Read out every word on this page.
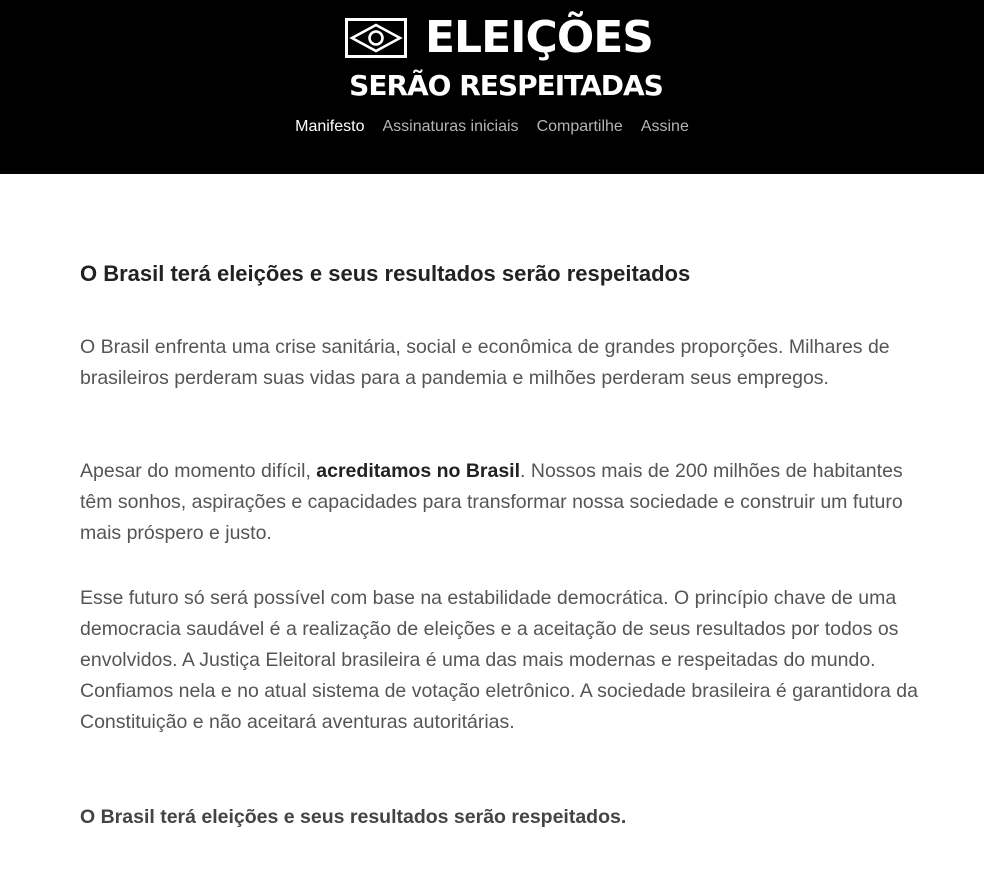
ELEIÇÕES
SERÃO RESPEITADAS
Manifesto Assinaturas iniciais Compartilhe Assine
O Brasil terá eleições e seus resultados serão respeitados

O Brasil enfrenta uma crise sanitária, social e econômica de grandes proporções. Milhares de brasileiros perderam suas vidas para a pandemia e milhões perderam seus empregos.

Apesar do momento difícil, acreditamos no Brasil. Nossos mais de 200 milhões de habitantes têm sonhos, aspirações e capacidades para transformar nossa sociedade e construir um futuro mais próspero e justo.

Esse futuro só será possível com base na estabilidade democrática. O princípio chave de uma democracia saudável é a realização de eleições e a aceitação de seus resultados por todos os envolvidos. A Justiça Eleitoral brasileira é uma das mais modernas e respeitadas do mundo. Confiamos nela e no atual sistema de votação eletrônico. A sociedade brasileira é garantidora da Constituição e não aceitará aventuras autoritárias.

O Brasil terá eleições e seus resultados serão respeitados.
